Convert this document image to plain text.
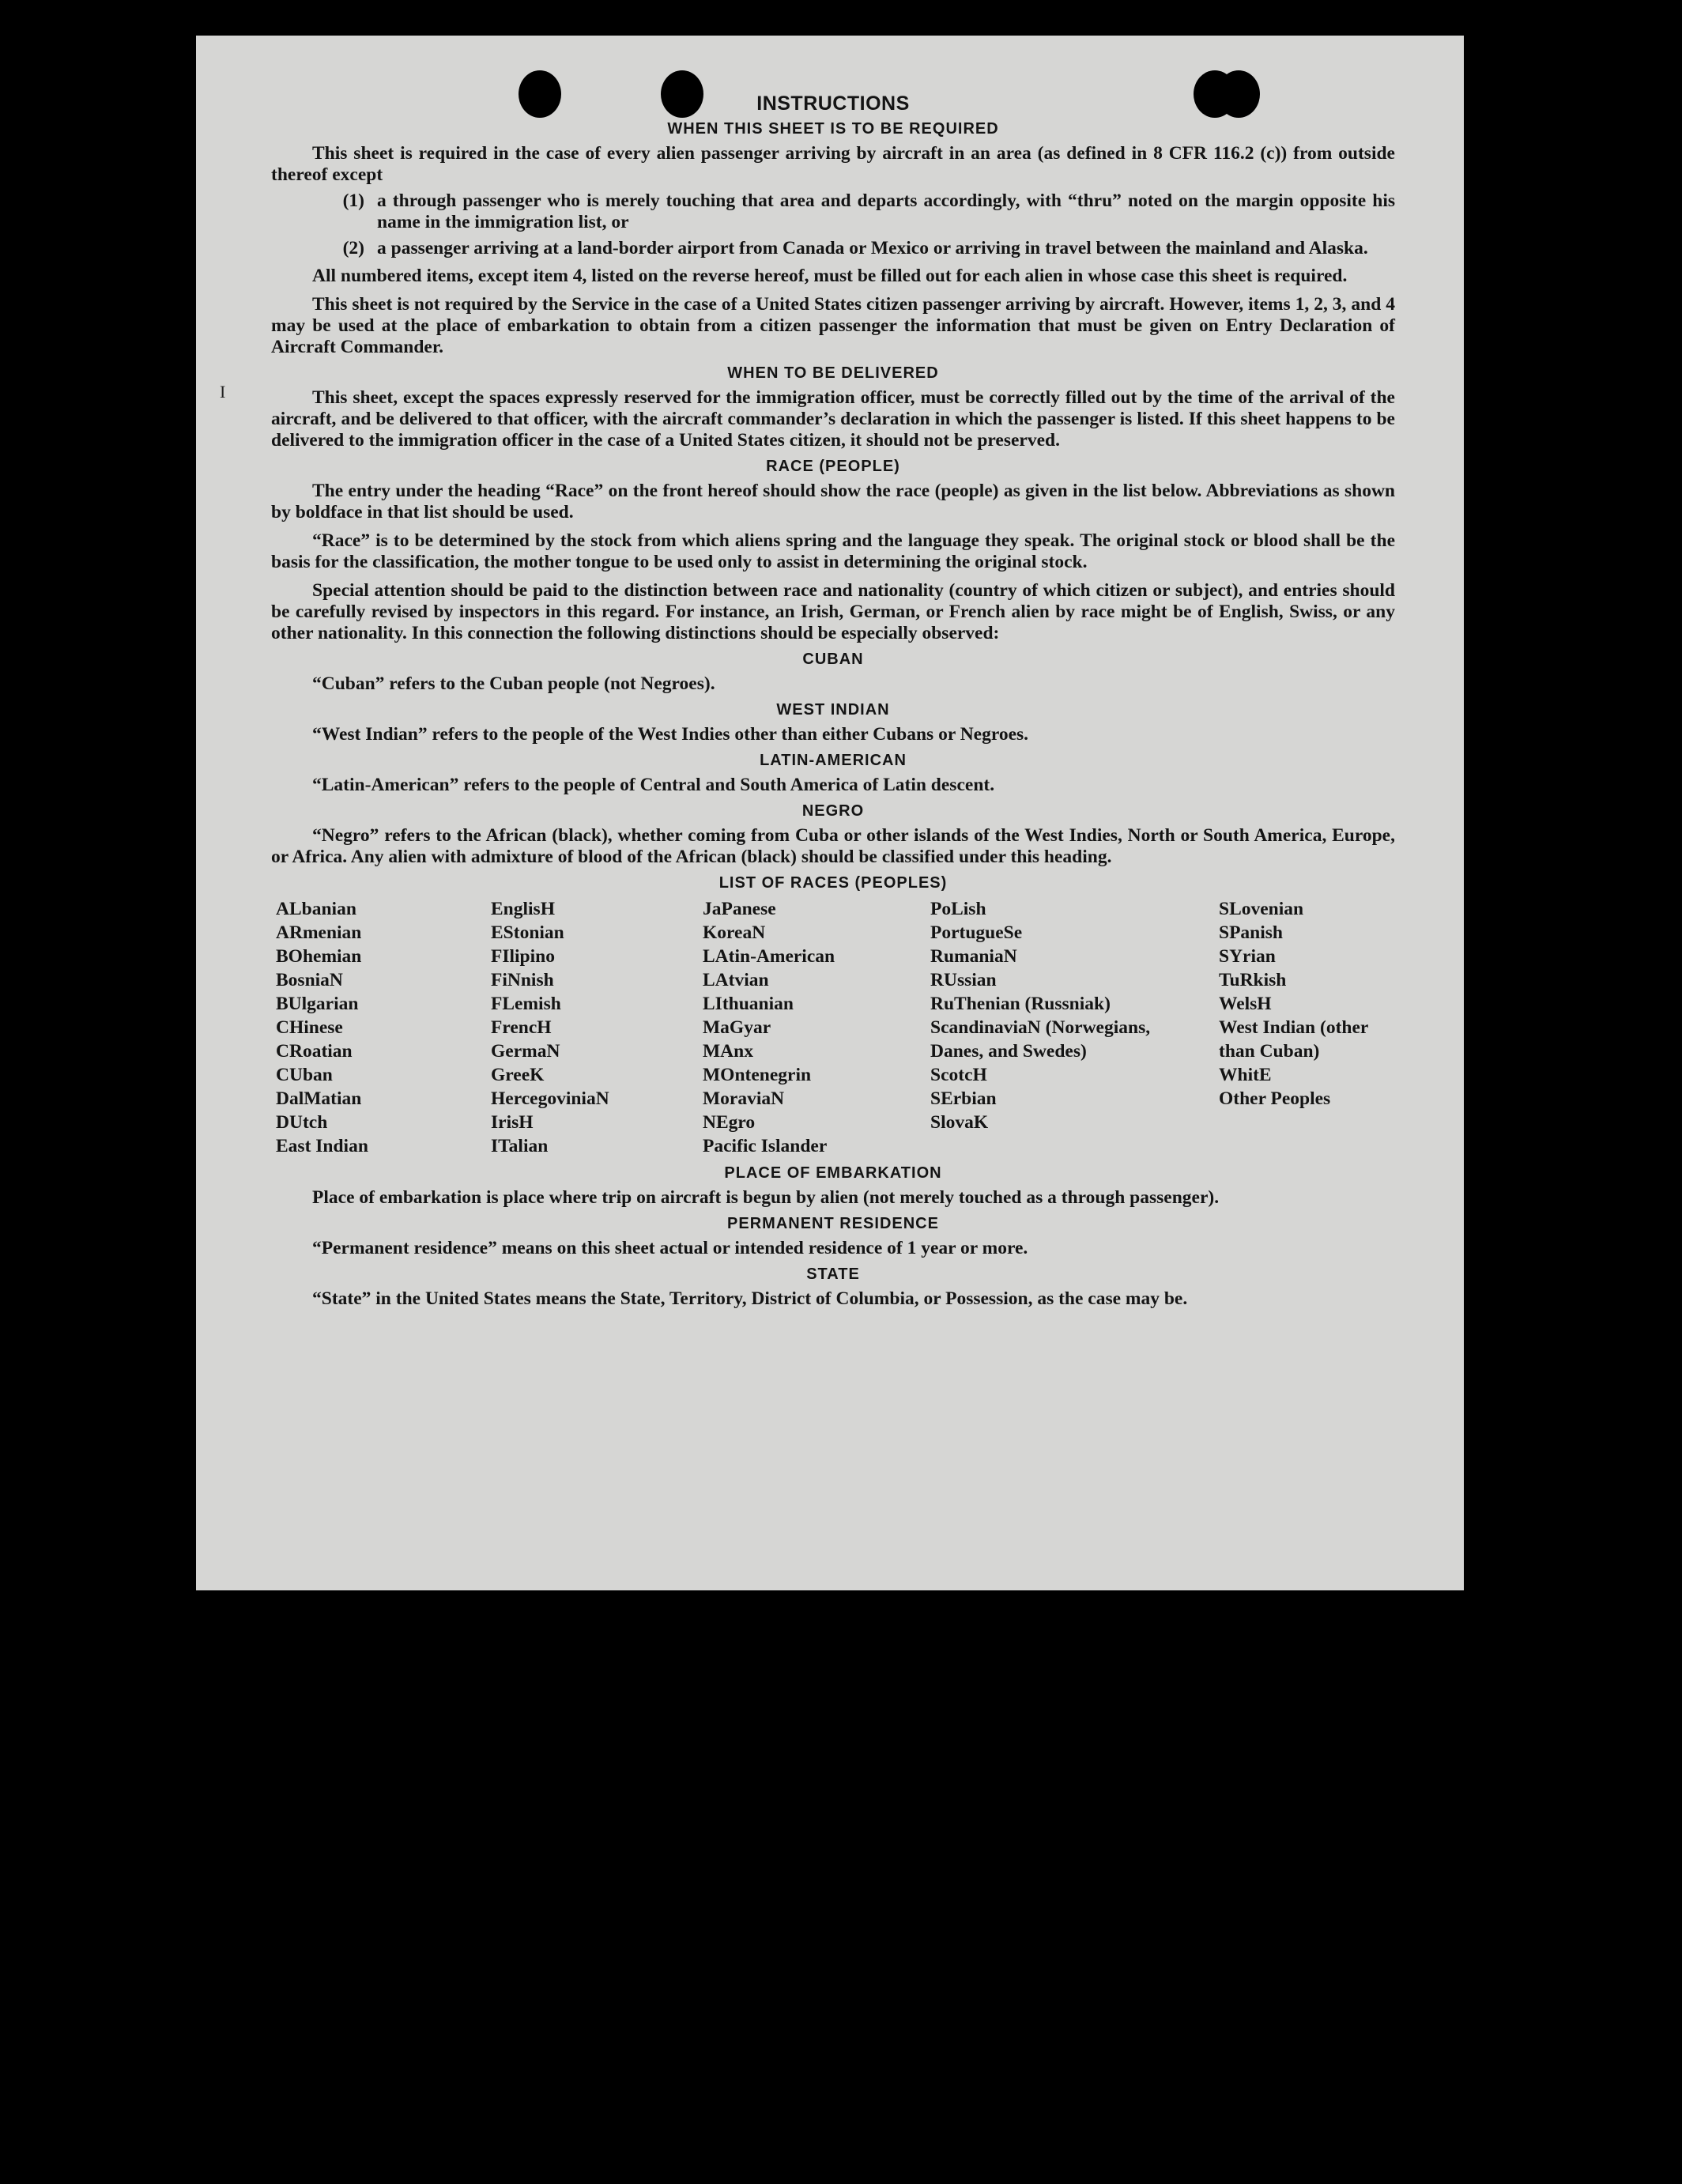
I
INSTRUCTIONS
WHEN THIS SHEET IS TO BE REQUIRED

This sheet is required in the case of every alien passenger arriving by aircraft in an area (as defined in 8 CFR 116.2 (c)) from outside thereof except

(1) a through passenger who is merely touching that area and departs accordingly, with “thru” noted on the margin opposite his name in the immigration list, or
(2) a passenger arriving at a land-border airport from Canada or Mexico or arriving in travel between the mainland and Alaska.

All numbered items, except item 4, listed on the reverse hereof, must be filled out for each alien in whose case this sheet is required.

This sheet is not required by the Service in the case of a United States citizen passenger arriving by aircraft. However, items 1, 2, 3, and 4 may be used at the place of embarkation to obtain from a citizen passenger the information that must be given on Entry Declaration of Aircraft Commander.

WHEN TO BE DELIVERED

This sheet, except the spaces expressly reserved for the immigration officer, must be correctly filled out by the time of the arrival of the aircraft, and be delivered to that officer, with the aircraft commander’s declaration in which the passenger is listed. If this sheet happens to be delivered to the immigration officer in the case of a United States citizen, it should not be preserved.

RACE (PEOPLE)

The entry under the heading “Race” on the front hereof should show the race (people) as given in the list below. Abbreviations as shown by boldface in that list should be used.

“Race” is to be determined by the stock from which aliens spring and the language they speak. The original stock or blood shall be the basis for the classification, the mother tongue to be used only to assist in determining the original stock.

Special attention should be paid to the distinction between race and nationality (country of which citizen or subject), and entries should be carefully revised by inspectors in this regard. For instance, an Irish, German, or French alien by race might be of English, Swiss, or any other nationality. In this connection the following distinctions should be especially observed:

CUBAN

“Cuban” refers to the Cuban people (not Negroes).

WEST INDIAN

“West Indian” refers to the people of the West Indies other than either Cubans or Negroes.

LATIN-AMERICAN

“Latin-American” refers to the people of Central and South America of Latin descent.

NEGRO

“Negro” refers to the African (black), whether coming from Cuba or other islands of the West Indies, North or South America, Europe, or Africa. Any alien with admixture of blood of the African (black) should be classified under this heading.

LIST OF RACES (PEOPLES)
ALbanian
ARmenian
BOhemian
BosniaN
BUlgarian
CHinese
CRoatian
CUban
DalMatian
DUtch
East Indian
EnglisH
EStonian
FIlipino
FiNnish
FLemish
FrencH
GermaN
GreeK
HercegoviniaN
IrisH
ITalian
JaPanese
KoreaN
LAtin-American
LAtvian
LIthuanian
MaGyar
MAnx
MOntenegrin
MoraviaN
NEgro
Pacific Islander
PoLish
PortugueSe
RumaniaN
RUssian
RuThenian (Russniak)
ScandinaviaN (Norwegians, Danes, and Swedes)
ScotcH
SErbian
SlovaK
SLovenian
SPanish
SYrian
TuRkish
WelsH
West Indian (other than Cuban)
WhitE
Other Peoples
PLACE OF EMBARKATION

Place of embarkation is place where trip on aircraft is begun by alien (not merely touched as a through passenger).

PERMANENT RESIDENCE

“Permanent residence” means on this sheet actual or intended residence of 1 year or more.

STATE

“State” in the United States means the State, Territory, District of Columbia, or Possession, as the case may be.
